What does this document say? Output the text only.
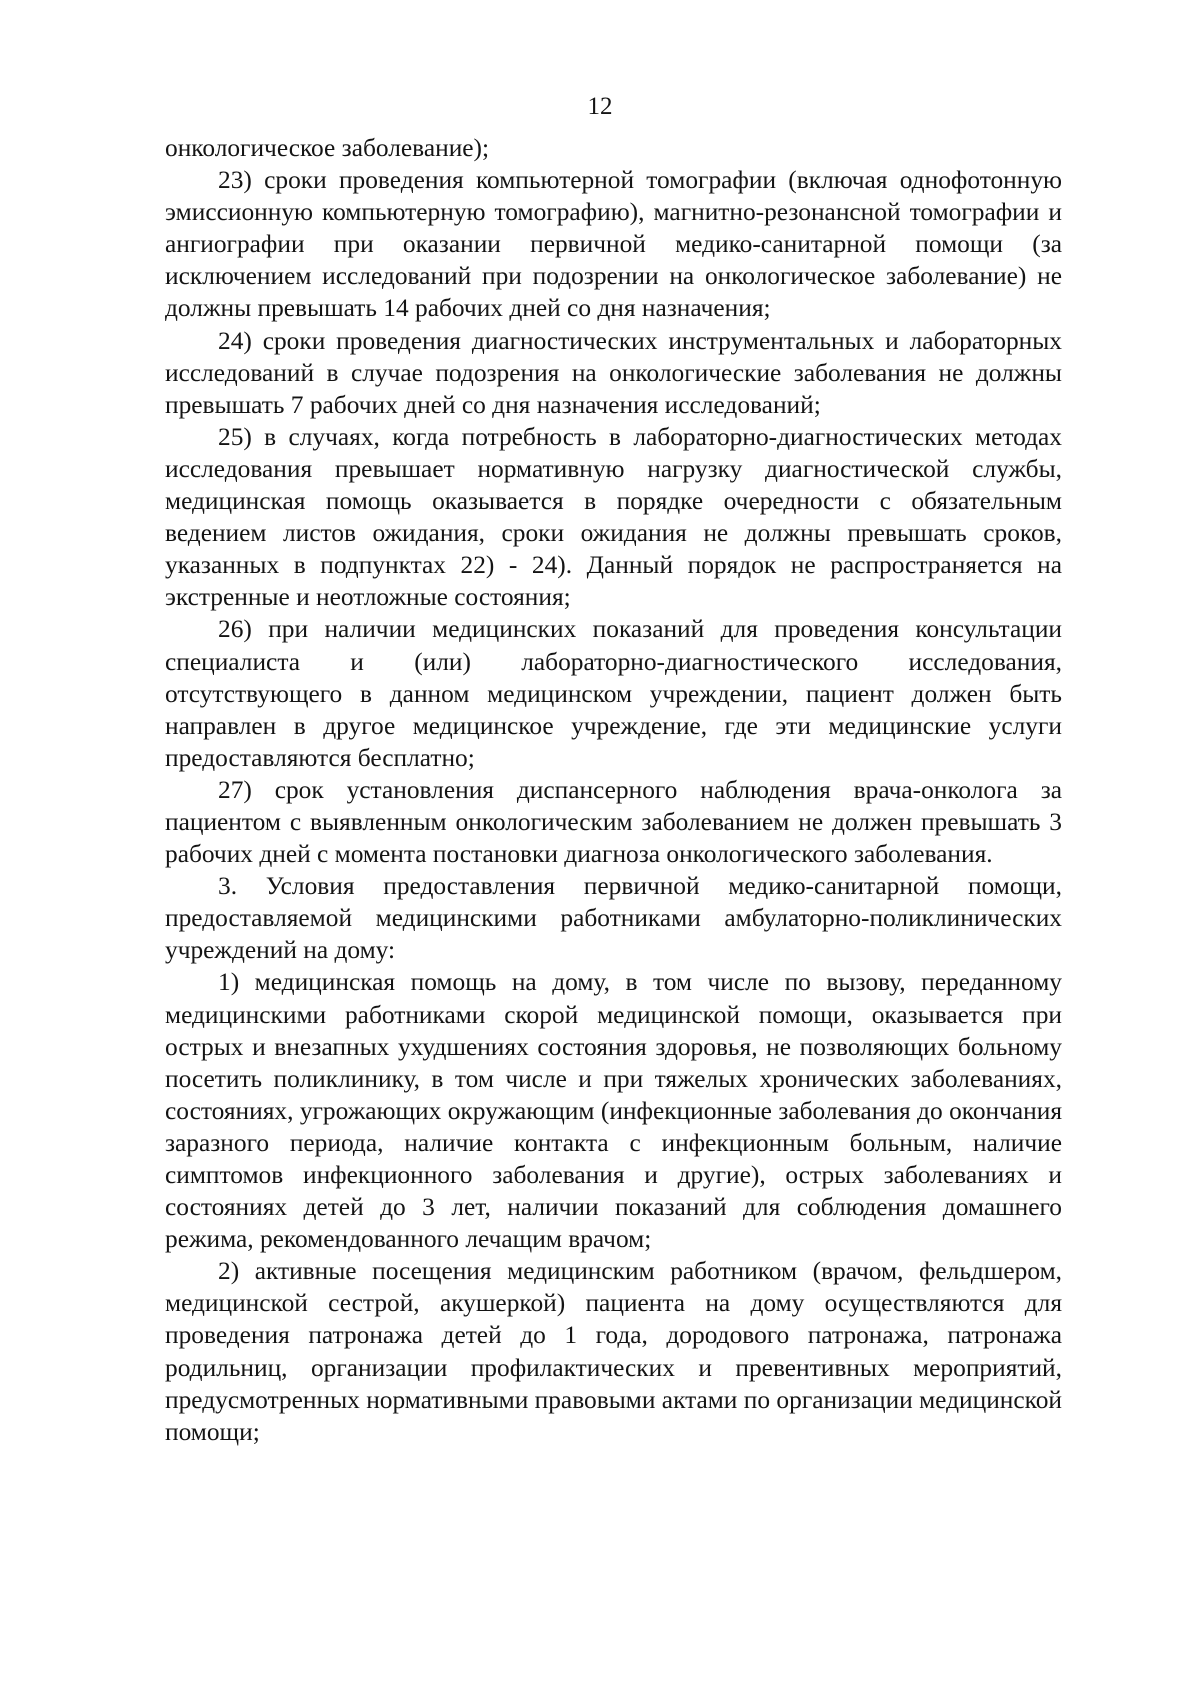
12

онкологическое заболевание);

23) сроки проведения компьютерной томографии (включая однофотонную эмиссионную компьютерную томографию), магнитно-резонансной томографии и ангиографии при оказании первичной медико-санитарной помощи (за исключением исследований при подозрении на онкологическое заболевание) не должны превышать 14 рабочих дней со дня назначения;

24) сроки проведения диагностических инструментальных и лабораторных исследований в случае подозрения на онкологические заболевания не должны превышать 7 рабочих дней со дня назначения исследований;

25) в случаях, когда потребность в лабораторно-диагностических методах исследования превышает нормативную нагрузку диагностической службы, медицинская помощь оказывается в порядке очередности с обязательным ведением листов ожидания, сроки ожидания не должны превышать сроков, указанных в подпунктах 22) - 24). Данный порядок не распространяется на экстренные и неотложные состояния;

26) при наличии медицинских показаний для проведения консультации специалиста и (или) лабораторно-диагностического исследования, отсутствующего в данном медицинском учреждении, пациент должен быть направлен в другое медицинское учреждение, где эти медицинские услуги предоставляются бесплатно;

27) срок установления диспансерного наблюдения врача-онколога за пациентом с выявленным онкологическим заболеванием не должен превышать 3 рабочих дней с момента постановки диагноза онкологического заболевания.

3. Условия предоставления первичной медико-санитарной помощи, предоставляемой медицинскими работниками амбулаторно-поликлинических учреждений на дому:

1) медицинская помощь на дому, в том числе по вызову, переданному медицинскими работниками скорой медицинской помощи, оказывается при острых и внезапных ухудшениях состояния здоровья, не позволяющих больному посетить поликлинику, в том числе и при тяжелых хронических заболеваниях, состояниях, угрожающих окружающим (инфекционные заболевания до окончания заразного периода, наличие контакта с инфекционным больным, наличие симптомов инфекционного заболевания и другие), острых заболеваниях и состояниях детей до 3 лет, наличии показаний для соблюдения домашнего режима, рекомендованного лечащим врачом;

2) активные посещения медицинским работником (врачом, фельдшером, медицинской сестрой, акушеркой) пациента на дому осуществляются для проведения патронажа детей до 1 года, дородового патронажа, патронажа родильниц, организации профилактических и превентивных мероприятий, предусмотренных нормативными правовыми актами по организации медицинской помощи;
